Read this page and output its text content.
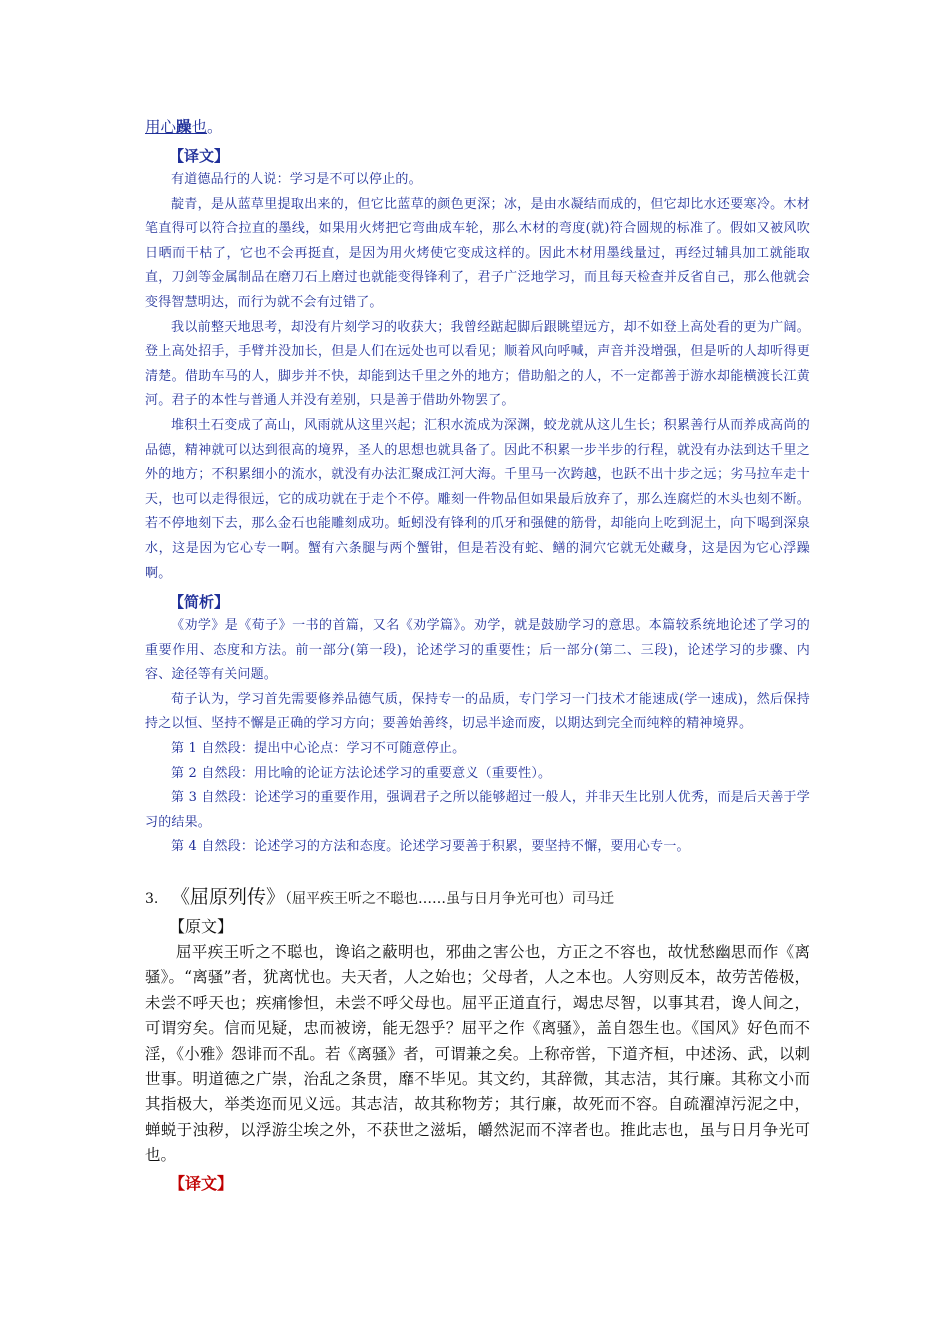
用心躁也。
【译文】

有道德品行的人说：学习是不可以停止的。

靛青，是从蓝草里提取出来的，但它比蓝草的颜色更深；冰，是由水凝结而成的，但它却比水还要寒冷。木材笔直得可以符合拉直的墨线，如果用火烤把它弯曲成车轮，那么木材的弯度(就)符合圆规的标准了。假如又被风吹日晒而干枯了，它也不会再挺直，是因为用火烤使它变成这样的。因此木材用墨线量过，再经过辅具加工就能取直，刀剑等金属制品在磨刀石上磨过也就能变得锋利了，君子广泛地学习，而且每天检查并反省自己，那么他就会变得智慧明达，而行为就不会有过错了。

我以前整天地思考，却没有片刻学习的收获大；我曾经踮起脚后跟眺望远方，却不如登上高处看的更为广阔。登上高处招手，手臂并没加长，但是人们在远处也可以看见；顺着风向呼喊，声音并没增强，但是听的人却听得更清楚。借助车马的人，脚步并不快，却能到达千里之外的地方；借助船之的人，不一定都善于游水却能横渡长江黄河。君子的本性与普通人并没有差别，只是善于借助外物罢了。

堆积土石变成了高山，风雨就从这里兴起；汇积水流成为深渊，蛟龙就从这儿生长；积累善行从而养成高尚的品德，精神就可以达到很高的境界，圣人的思想也就具备了。因此不积累一步半步的行程，就没有办法到达千里之外的地方；不积累细小的流水，就没有办法汇聚成江河大海。千里马一次跨越，也跃不出十步之远；劣马拉车走十天，也可以走得很远，它的成功就在于走个不停。雕刻一件物品但如果最后放弃了，那么连腐烂的木头也刻不断。若不停地刻下去，那么金石也能雕刻成功。蚯蚓没有锋利的爪牙和强健的筋骨，却能向上吃到泥土，向下喝到深泉水，这是因为它心专一啊。蟹有六条腿与两个蟹钳，但是若没有蛇、鳝的洞穴它就无处藏身，这是因为它心浮躁啊。

【简析】

《劝学》是《荀子》一书的首篇，又名《劝学篇》。劝学，就是鼓励学习的意思。本篇较系统地论述了学习的重要作用、态度和方法。前一部分(第一段)，论述学习的重要性；后一部分(第二、三段)，论述学习的步骤、内容、途径等有关问题。

荀子认为，学习首先需要修养品德气质，保持专一的品质，专门学习一门技术才能速成(学一速成)，然后保持持之以恒、坚持不懈是正确的学习方向；要善始善终，切忌半途而废，以期达到完全而纯粹的精神境界。

第 1 自然段：提出中心论点：学习不可随意停止。

第 2 自然段：用比喻的论证方法论述学习的重要意义（重要性）。

第 3 自然段：论述学习的重要作用，强调君子之所以能够超过一般人，并非天生比别人优秀，而是后天善于学习的结果。

第 4 自然段：论述学习的方法和态度。论述学习要善于积累，要坚持不懈，要用心专一。

3. 《屈原列传》（屈平疾王听之不聪也……虽与日月争光可也）司马迁
【原文】

屈平疾王听之不聪也，谗谄之蔽明也，邪曲之害公也，方正之不容也，故忧愁幽思而作《离骚》。“离骚”者，犹离忧也。夫天者，人之始也；父母者，人之本也。人穷则反本，故劳苦倦极，未尝不呼天也；疾痛惨怛，未尝不呼父母也。屈平正道直行，竭忠尽智，以事其君，谗人间之，可谓穷矣。信而见疑，忠而被谤，能无怨乎？屈平之作《离骚》，盖自怨生也。《国风》好色而不淫，《小雅》怨诽而不乱。若《离骚》者，可谓兼之矣。上称帝喾，下道齐桓，中述汤、武，以刺世事。明道德之广崇，治乱之条贯，靡不毕见。其文约，其辞微，其志洁，其行廉。其称文小而其指极大，举类迩而见义远。其志洁，故其称物芳；其行廉，故死而不容。自疏濯淖污泥之中，蝉蜕于浊秽，以浮游尘埃之外，不获世之滋垢，皭然泥而不滓者也。推此志也，虽与日月争光可也。

【译文】
